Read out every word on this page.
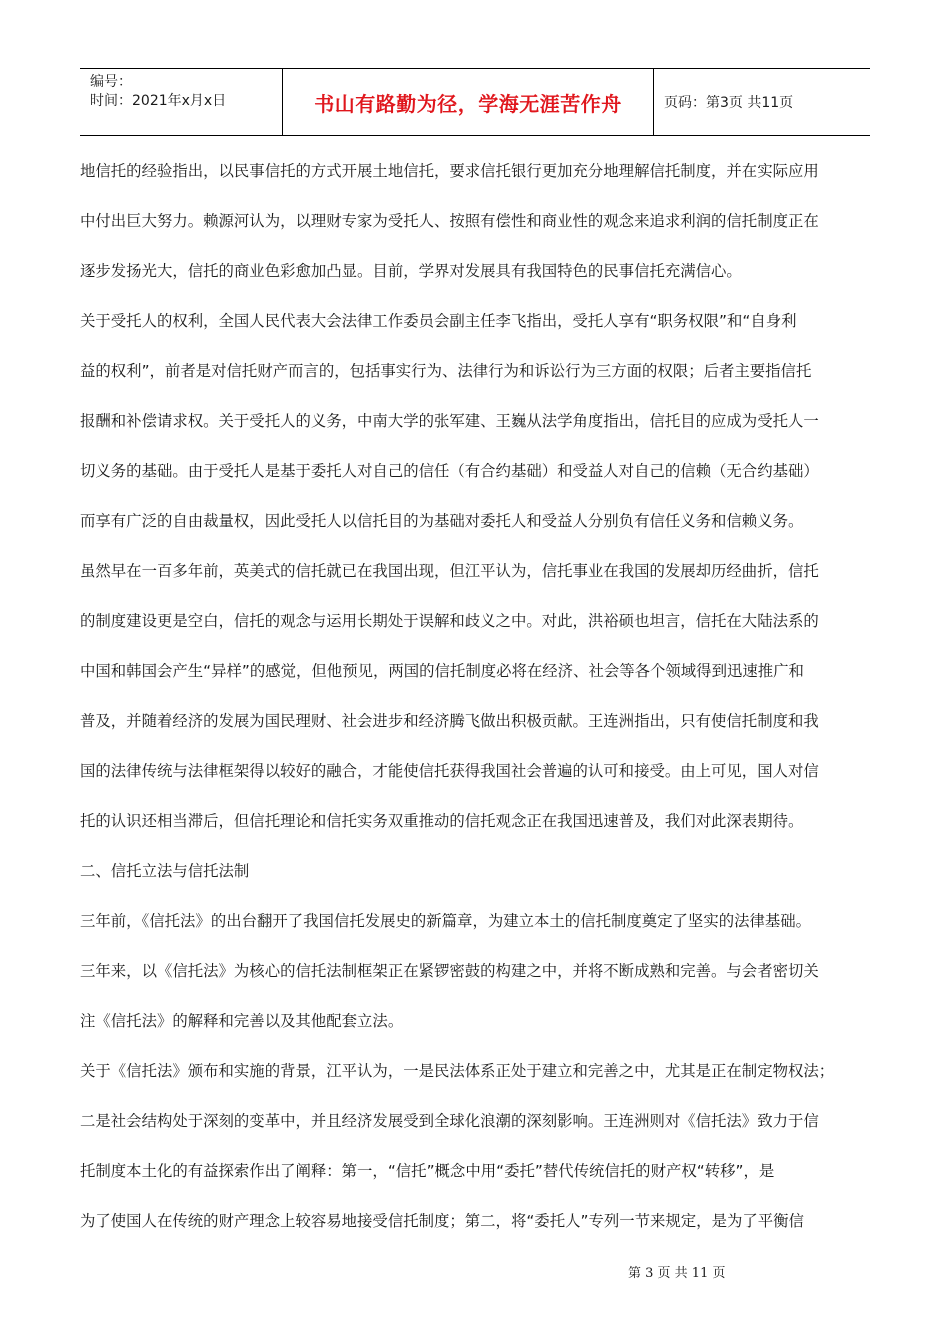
编号：
时间：2021年x月x日	书山有路勤为径，学海无涯苦作舟	页码：第3页 共11页
地信托的经验指出，以民事信托的方式开展土地信托，要求信托银行更加充分地理解信托制度，并在实际应用
中付出巨大努力。赖源河认为，以理财专家为受托人、按照有偿性和商业性的观念来追求利润的信托制度正在
逐步发扬光大，信托的商业色彩愈加凸显。目前，学界对发展具有我国特色的民事信托充满信心。
关于受托人的权利，全国人民代表大会法律工作委员会副主任李飞指出，受托人享有“职务权限”和“自身利
益的权利”，前者是对信托财产而言的，包括事实行为、法律行为和诉讼行为三方面的权限；后者主要指信托
报酬和补偿请求权。关于受托人的义务，中南大学的张军建、王巍从法学角度指出，信托目的应成为受托人一
切义务的基础。由于受托人是基于委托人对自己的信任（有合约基础）和受益人对自己的信赖（无合约基础）
而享有广泛的自由裁量权，因此受托人以信托目的为基础对委托人和受益人分别负有信任义务和信赖义务。
虽然早在一百多年前，英美式的信托就已在我国出现，但江平认为，信托事业在我国的发展却历经曲折，信托
的制度建设更是空白，信托的观念与运用长期处于误解和歧义之中。对此，洪裕硕也坦言，信托在大陆法系的
中国和韩国会产生“异样”的感觉，但他预见，两国的信托制度必将在经济、社会等各个领域得到迅速推广和
普及，并随着经济的发展为国民理财、社会进步和经济腾飞做出积极贡献。王连洲指出，只有使信托制度和我
国的法律传统与法律框架得以较好的融合，才能使信托获得我国社会普遍的认可和接受。由上可见，国人对信
托的认识还相当滞后，但信托理论和信托实务双重推动的信托观念正在我国迅速普及，我们对此深表期待。
二、信托立法与信托法制
三年前，《信托法》的出台翻开了我国信托发展史的新篇章，为建立本土的信托制度奠定了坚实的法律基础。
三年来，以《信托法》为核心的信托法制框架正在紧锣密鼓的构建之中，并将不断成熟和完善。与会者密切关
注《信托法》的解释和完善以及其他配套立法。
关于《信托法》颁布和实施的背景，江平认为，一是民法体系正处于建立和完善之中，尤其是正在制定物权法；
二是社会结构处于深刻的变革中，并且经济发展受到全球化浪潮的深刻影响。王连洲则对《信托法》致力于信
托制度本土化的有益探索作出了阐释：第一，“信托”概念中用“委托”替代传统信托的财产权“转移”，是
为了使国人在传统的财产理念上较容易地接受信托制度；第二，将“委托人”专列一节来规定，是为了平衡信
第 3 页 共 11 页
